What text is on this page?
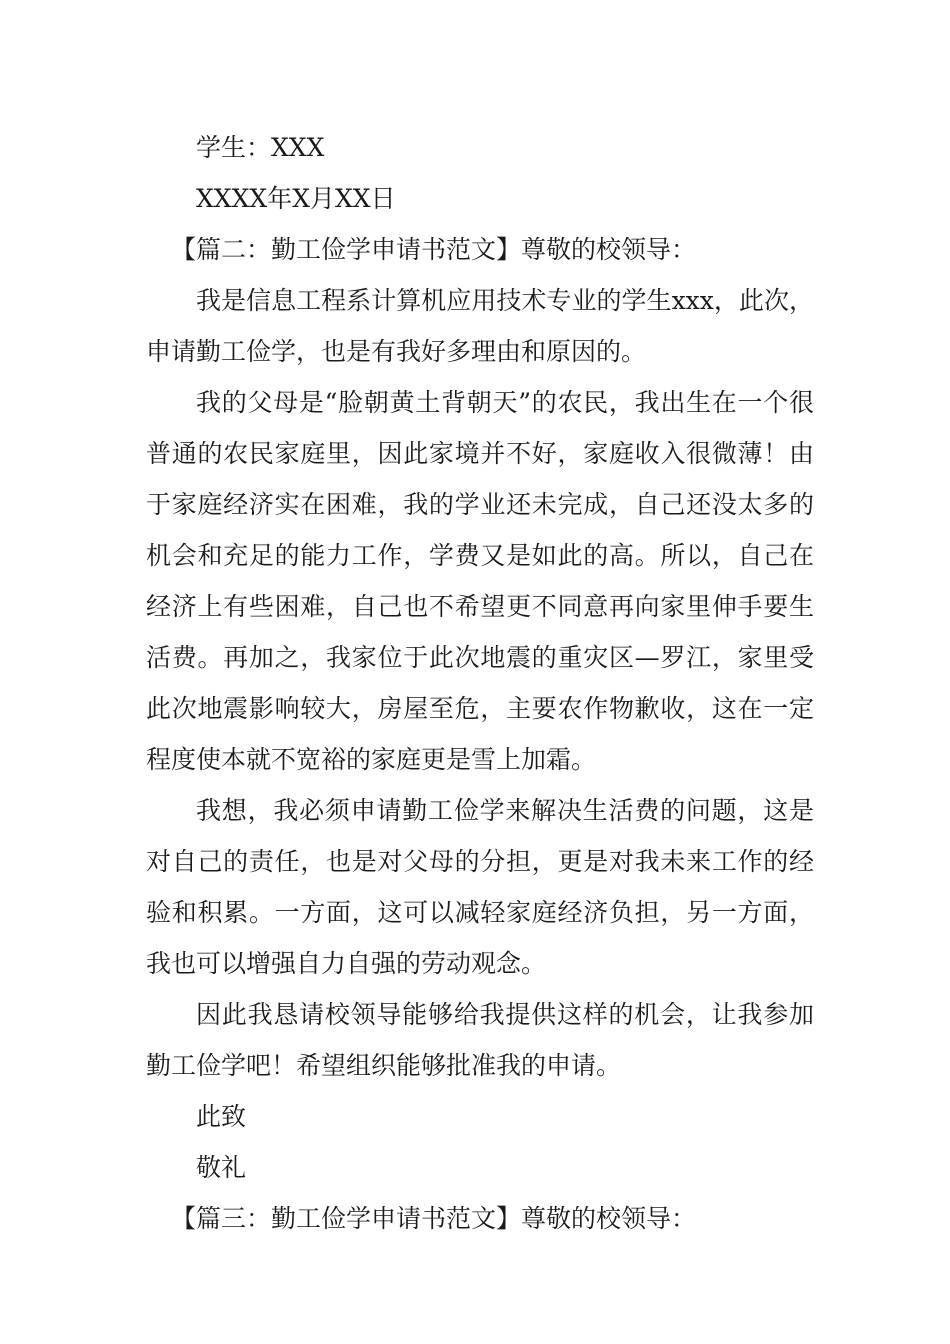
学生：XXX

XXXX年X月XX日

【篇二：勤工俭学申请书范文】尊敬的校领导：

我是信息工程系计算机应用技术专业的学生xxx，此次，申请勤工俭学，也是有我好多理由和原因的。

我的父母是“脸朝黄土背朝天”的农民，我出生在一个很普通的农民家庭里，因此家境并不好，家庭收入很微薄！由于家庭经济实在困难，我的学业还未完成，自己还没太多的机会和充足的能力工作，学费又是如此的高。所以，自己在经济上有些困难，自己也不希望更不同意再向家里伸手要生活费。再加之，我家位于此次地震的重灾区—罗江，家里受此次地震影响较大，房屋至危，主要农作物歉收，这在一定程度使本就不宽裕的家庭更是雪上加霜。

我想，我必须申请勤工俭学来解决生活费的问题，这是对自己的责任，也是对父母的分担，更是对我未来工作的经验和积累。一方面，这可以减轻家庭经济负担，另一方面，我也可以增强自力自强的劳动观念。

因此我恳请校领导能够给我提供这样的机会，让我参加勤工俭学吧！希望组织能够批准我的申请。

此致

敬礼

【篇三：勤工俭学申请书范文】尊敬的校领导：
